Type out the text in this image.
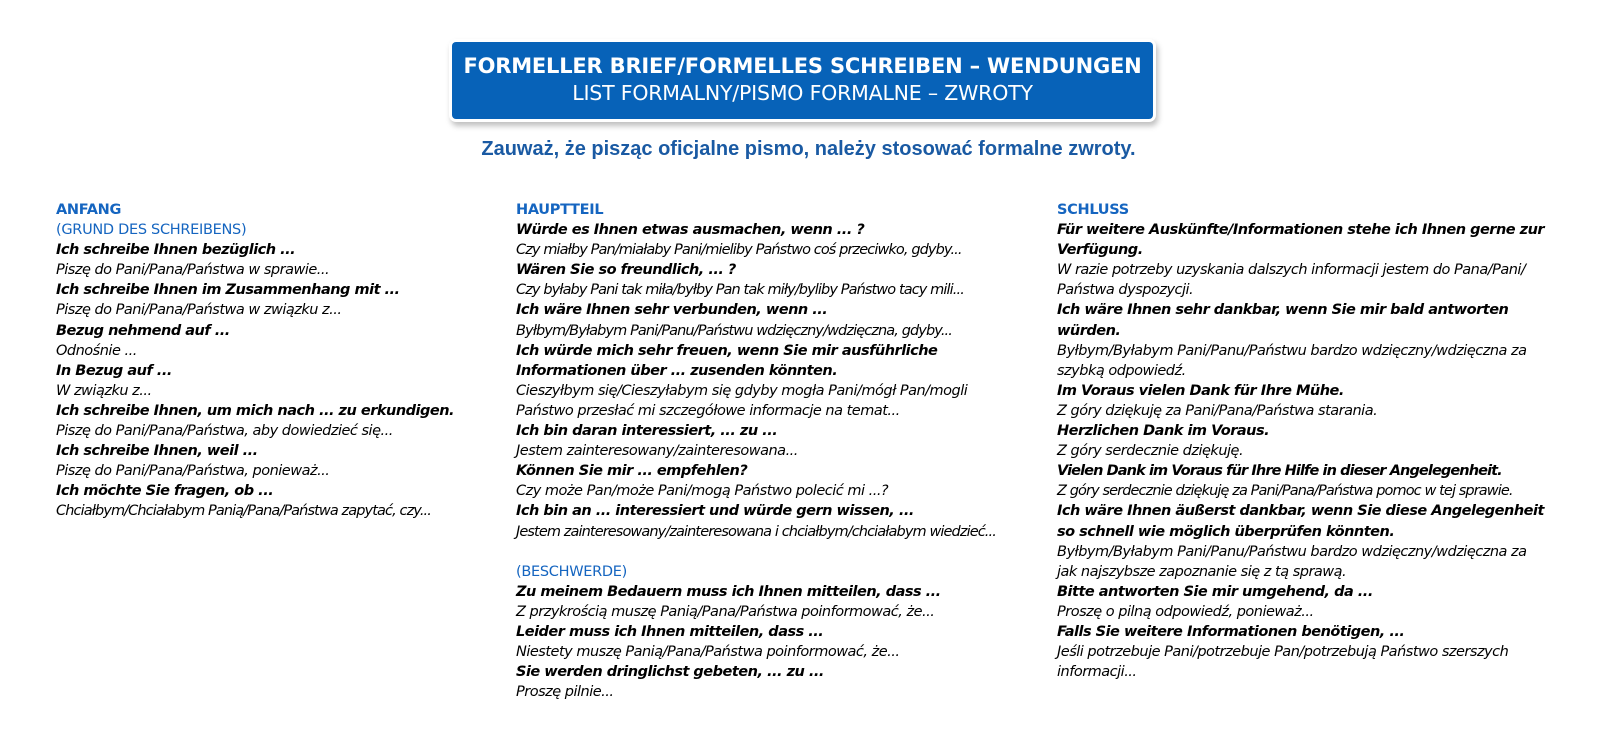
FORMELLER BRIEF/FORMELLES SCHREIBEN – WENDUNGEN
LIST FORMALNY/PISMO FORMALNE – ZWROTY
Zauważ, że pisząc oficjalne pismo, należy stosować formalne zwroty.
ANFANG
(GRUND DES SCHREIBENS)
Ich schreibe Ihnen bezüglich ...
Piszę do Pani/Pana/Państwa w sprawie...
Ich schreibe Ihnen im Zusammenhang mit ...
Piszę do Pani/Pana/Państwa w związku z...
Bezug nehmend auf ...
Odnośnie ...
In Bezug auf ...
W związku z...
Ich schreibe Ihnen, um mich nach ... zu erkundigen.
Piszę do Pani/Pana/Państwa, aby dowiedzieć się...
Ich schreibe Ihnen, weil ...
Piszę do Pani/Pana/Państwa, ponieważ...
Ich möchte Sie fragen, ob ...
Chciałbym/Chciałabym Panią/Pana/Państwa zapytać, czy...
HAUPTTEIL
Würde es Ihnen etwas ausmachen, wenn ... ?
Czy miałby Pan/miałaby Pani/mieliby Państwo coś przeciwko, gdyby...
Wären Sie so freundlich, ... ?
Czy byłaby Pani tak miła/byłby Pan tak miły/byliby Państwo tacy mili...
Ich wäre Ihnen sehr verbunden, wenn ...
Byłbym/Byłabym Pani/Panu/Państwu wdzięczny/wdzięczna, gdyby...
Ich würde mich sehr freuen, wenn Sie mir ausführliche Informationen über ... zusenden könnten.
Cieszyłbym się/Cieszyłabym się gdyby mogła Pani/mógł Pan/mogli Państwo przesłać mi szczegółowe informacje na temat...
Ich bin daran interessiert, ... zu ...
Jestem zainteresowany/zainteresowana...
Können Sie mir ... empfehlen?
Czy może Pan/może Pani/mogą Państwo polecić mi ...?
Ich bin an ... interessiert und würde gern wissen, ...
Jestem zainteresowany/zainteresowana i chciałbym/chciałabym wiedzieć...
(BESCHWERDE)
Zu meinem Bedauern muss ich Ihnen mitteilen, dass ...
Z przykrością muszę Panią/Pana/Państwa poinformować, że...
Leider muss ich Ihnen mitteilen, dass ...
Niestety muszę Panią/Pana/Państwa poinformować, że...
Sie werden dringlichst gebeten, ... zu ...
Proszę pilnie...
SCHLUSS
Für weitere Auskünfte/Informationen stehe ich Ihnen gerne zur Verfügung.
W razie potrzeby uzyskania dalszych informacji jestem do Pana/Pani/ Państwa dyspozycji.
Ich wäre Ihnen sehr dankbar, wenn Sie mir bald antworten würden.
Byłbym/Byłabym Pani/Panu/Państwu bardzo wdzięczny/wdzięczna za szybką odpowiedź.
Im Voraus vielen Dank für Ihre Mühe.
Z góry dziękuję za Pani/Pana/Państwa starania.
Herzlichen Dank im Voraus.
Z góry serdecznie dziękuję.
Vielen Dank im Voraus für Ihre Hilfe in dieser Angelegenheit.
Z góry serdecznie dziękuję za Pani/Pana/Państwa pomoc w tej sprawie.
Ich wäre Ihnen äußerst dankbar, wenn Sie diese Angelegenheit so schnell wie möglich überprüfen könnten.
Byłbym/Byłabym Pani/Panu/Państwu bardzo wdzięczny/wdzięczna za jak najszybsze zapoznanie się z tą sprawą.
Bitte antworten Sie mir umgehend, da ...
Proszę o pilną odpowiedź, ponieważ...
Falls Sie weitere Informationen benötigen, ...
Jeśli potrzebuje Pani/potrzebuje Pan/potrzebują Państwo szerszych informacji...
